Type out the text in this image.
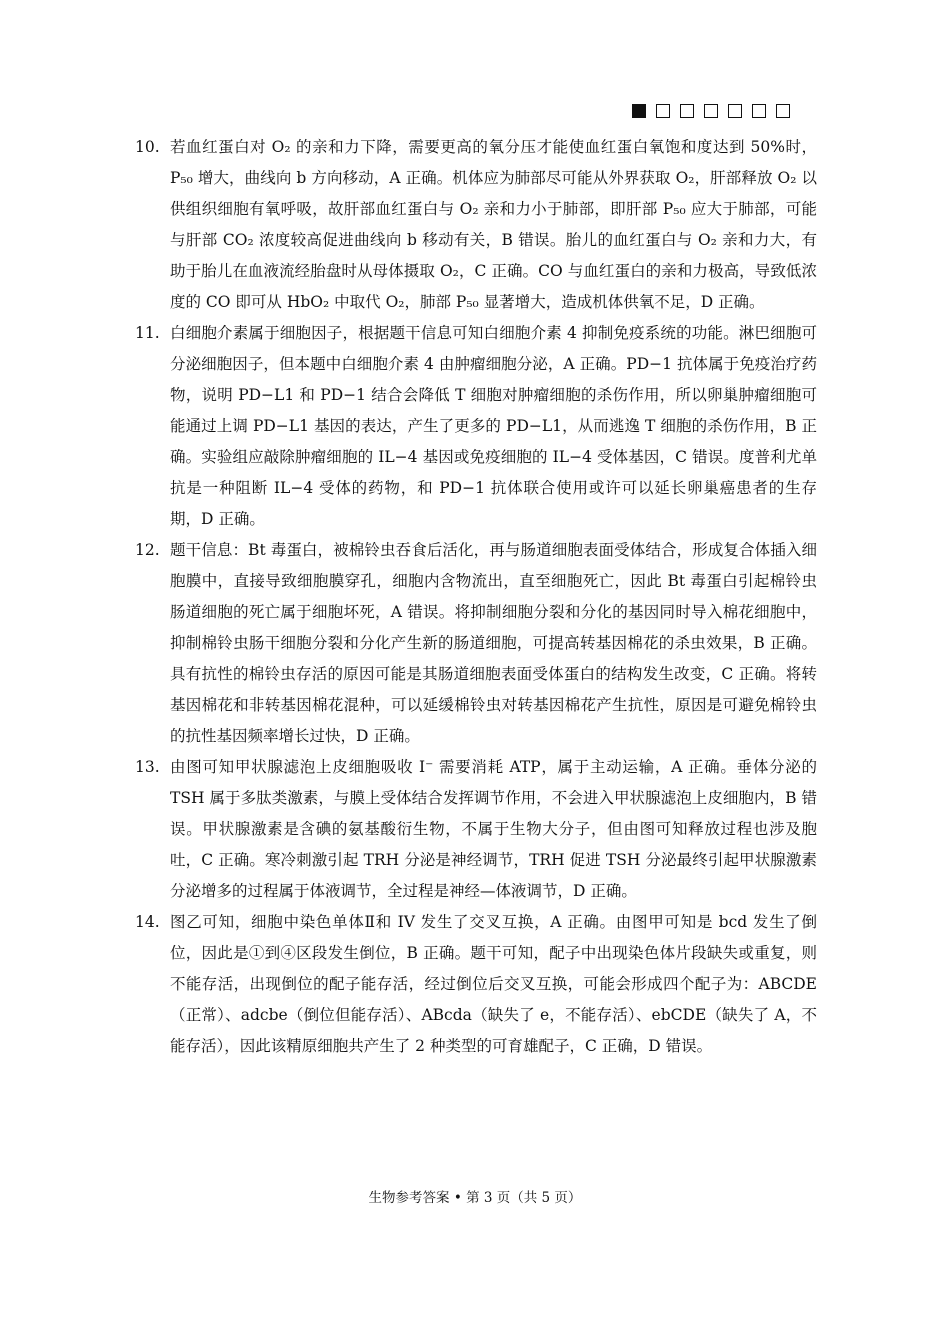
10. 若血红蛋白对 O₂ 的亲和力下降，需要更高的氧分压才能使血红蛋白氧饱和度达到 50%时，P₅₀ 增大，曲线向 b 方向移动，A 正确。机体应为肺部尽可能从外界获取 O₂，肝部释放 O₂ 以供组织细胞有氧呼吸，故肝部血红蛋白与 O₂ 亲和力小于肺部，即肝部 P₅₀ 应大于肺部，可能与肝部 CO₂ 浓度较高促进曲线向 b 移动有关，B 错误。胎儿的血红蛋白与 O₂ 亲和力大，有助于胎儿在血液流经胎盘时从母体摄取 O₂，C 正确。CO 与血红蛋白的亲和力极高，导致低浓度的 CO 即可从 HbO₂ 中取代 O₂，肺部 P₅₀ 显著增大，造成机体供氧不足，D 正确。

11. 白细胞介素属于细胞因子，根据题干信息可知白细胞介素 4 抑制免疫系统的功能。淋巴细胞可分泌细胞因子，但本题中白细胞介素 4 由肿瘤细胞分泌，A 正确。PD−1 抗体属于免疫治疗药物，说明 PD−L1 和 PD−1 结合会降低 T 细胞对肿瘤细胞的杀伤作用，所以卵巢肿瘤细胞可能通过上调 PD−L1 基因的表达，产生了更多的 PD−L1，从而逃逸 T 细胞的杀伤作用，B 正确。实验组应敲除肿瘤细胞的 IL−4 基因或免疫细胞的 IL−4 受体基因，C 错误。度普利尤单抗是一种阻断 IL−4 受体的药物，和 PD−1 抗体联合使用或许可以延长卵巢癌患者的生存期，D 正确。

12. 题干信息：Bt 毒蛋白，被棉铃虫吞食后活化，再与肠道细胞表面受体结合，形成复合体插入细胞膜中，直接导致细胞膜穿孔，细胞内含物流出，直至细胞死亡，因此 Bt 毒蛋白引起棉铃虫肠道细胞的死亡属于细胞坏死，A 错误。将抑制细胞分裂和分化的基因同时导入棉花细胞中，抑制棉铃虫肠干细胞分裂和分化产生新的肠道细胞，可提高转基因棉花的杀虫效果，B 正确。具有抗性的棉铃虫存活的原因可能是其肠道细胞表面受体蛋白的结构发生改变，C 正确。将转基因棉花和非转基因棉花混种，可以延缓棉铃虫对转基因棉花产生抗性，原因是可避免棉铃虫的抗性基因频率增长过快，D 正确。

13. 由图可知甲状腺滤泡上皮细胞吸收 I⁻ 需要消耗 ATP，属于主动运输，A 正确。垂体分泌的 TSH 属于多肽类激素，与膜上受体结合发挥调节作用，不会进入甲状腺滤泡上皮细胞内，B 错误。甲状腺激素是含碘的氨基酸衍生物，不属于生物大分子，但由图可知释放过程也涉及胞吐，C 正确。寒冷刺激引起 TRH 分泌是神经调节，TRH 促进 TSH 分泌最终引起甲状腺激素分泌增多的过程属于体液调节，全过程是神经—体液调节，D 正确。

14. 图乙可知，细胞中染色单体Ⅱ和 IV 发生了交叉互换，A 正确。由图甲可知是 bcd 发生了倒位，因此是①到④区段发生倒位，B 正确。题干可知，配子中出现染色体片段缺失或重复，则不能存活，出现倒位的配子能存活，经过倒位后交叉互换，可能会形成四个配子为：ABCDE（正常）、adcbe（倒位但能存活）、ABcda（缺失了 e，不能存活）、ebCDE（缺失了 A，不能存活），因此该精原细胞共产生了 2 种类型的可育雄配子，C 正确，D 错误。

生物参考答案 • 第 3 页（共 5 页）
